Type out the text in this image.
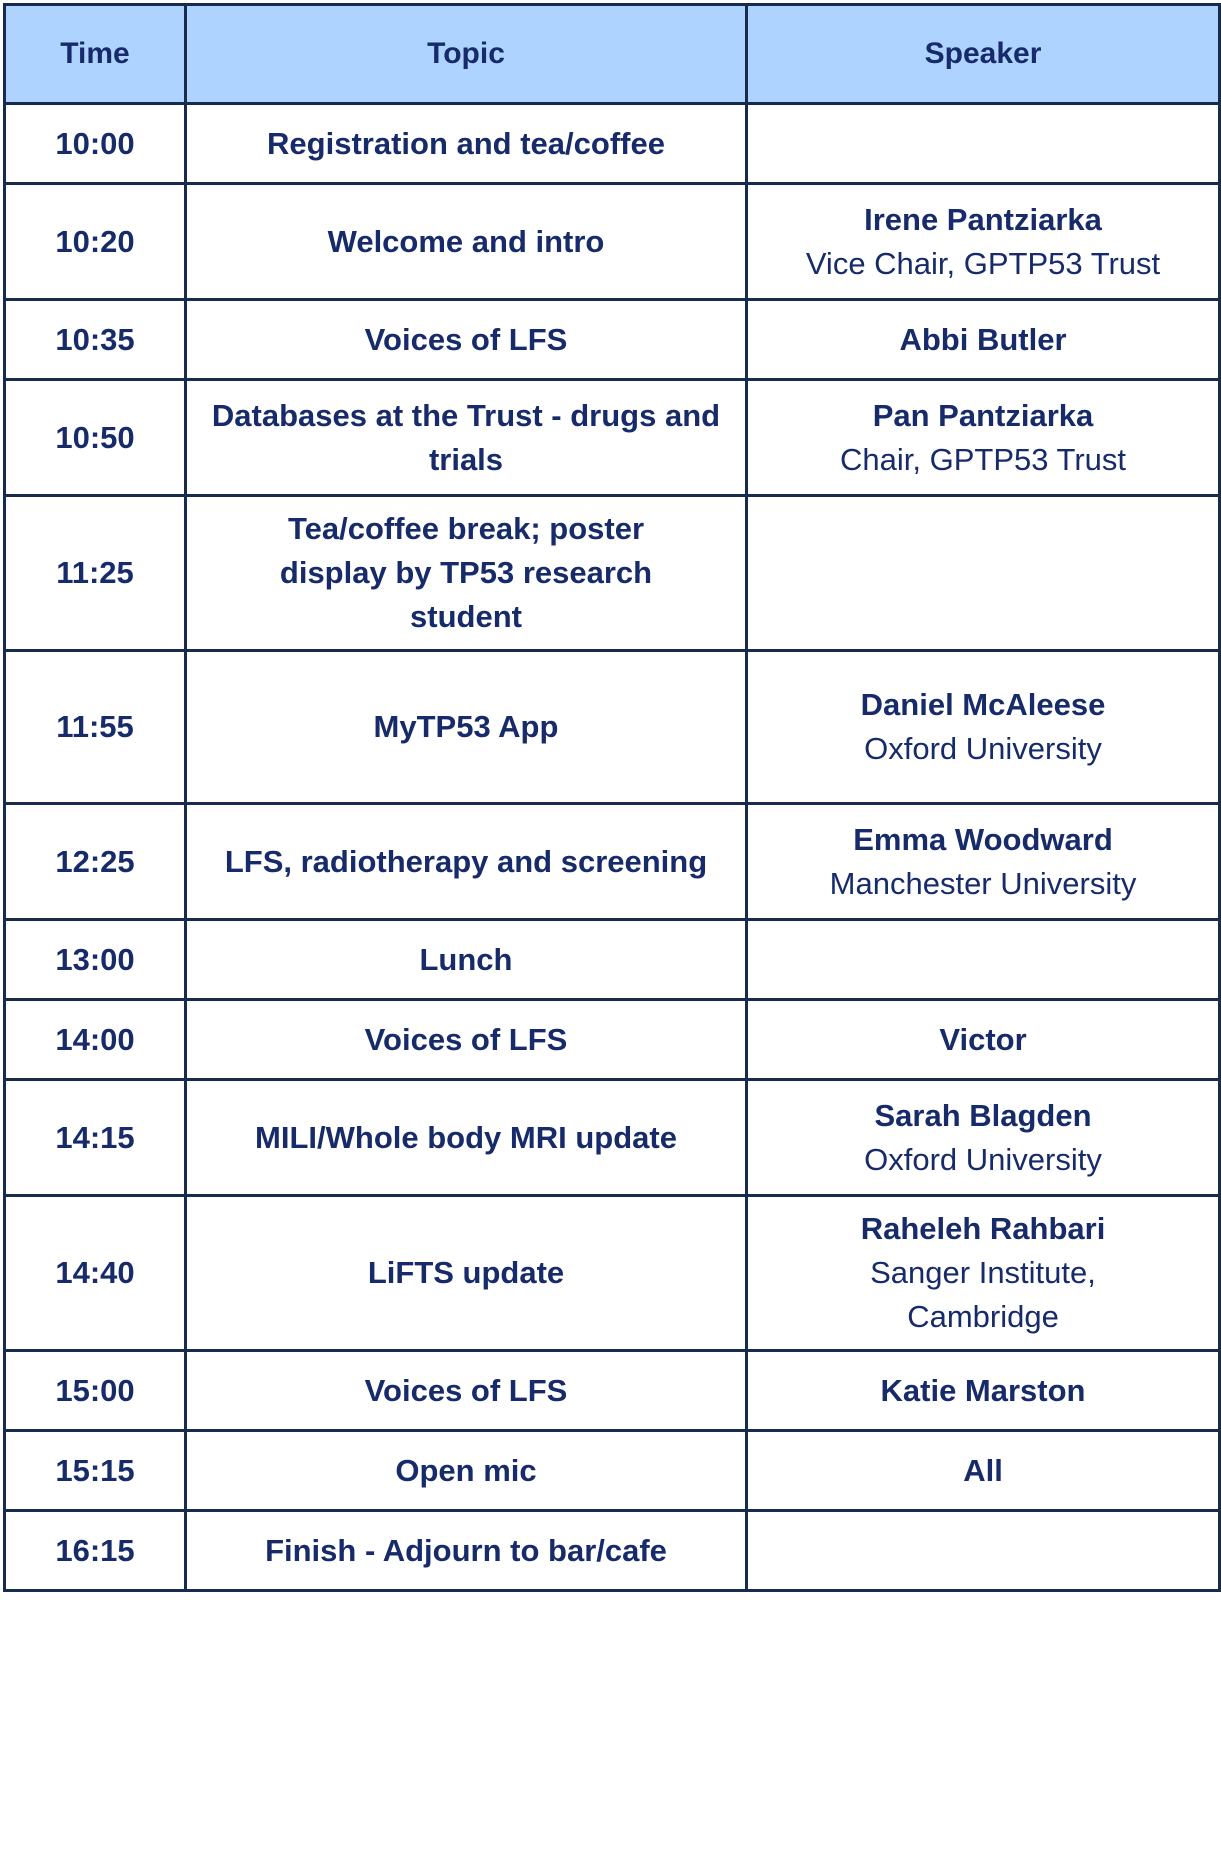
Time	Topic	Speaker
10:00	Registration and tea/coffee	
10:20	Welcome and intro	Irene Pantziarka
Vice Chair, GPTP53 Trust

10:35	Voices of LFS	Abbi Butler

10:50	Databases at the Trust - drugs and trials	Pan Pantziarka
Chair, GPTP53 Trust

11:25	Tea/coffee break; poster display by TP53 research student	
11:55	MyTP53 App	Daniel McAleese
Oxford University

12:25	LFS, radiotherapy and screening	Emma Woodward
Manchester University

13:00	Lunch	
14:00	Voices of LFS	Victor

14:15	MILI/Whole body MRI update	Sarah Blagden
Oxford University

14:40	LiFTS update	Raheleh Rahbari
Sanger Institute, Cambridge

15:00	Voices of LFS	Katie Marston

15:15	Open mic	All

16:15	Finish - Adjourn to bar/cafe	
